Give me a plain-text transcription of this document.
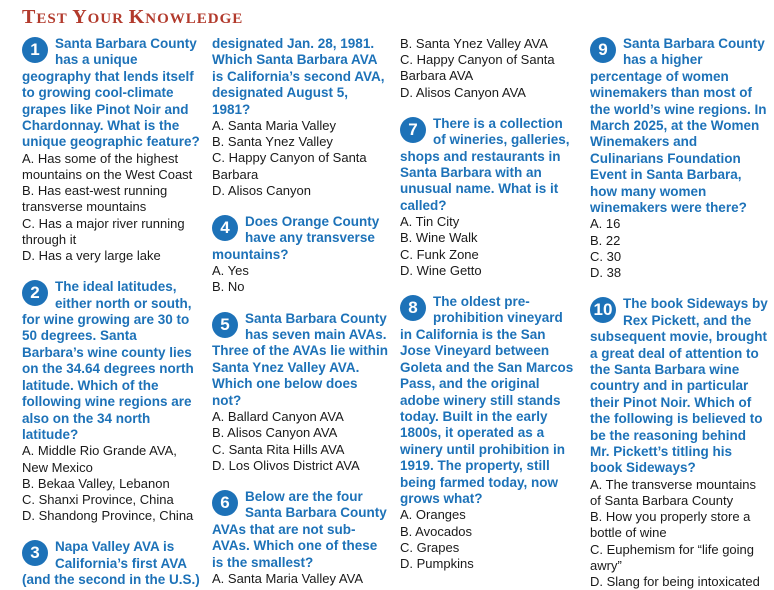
TEST YOUR KNOWLEDGE
1	Santa Barbara County has a unique geography that lends itself to growing cool-climate grapes like Pinot Noir and Chardonnay. What is the unique geographic feature?
A. Has some of the highest mountains on the West Coast
B. Has east-west running transverse mountains
C. Has a major river running through it
D. Has a very large lake
2	The ideal latitudes, either north or south, for wine growing are 30 to 50 degrees. Santa Barbara’s wine county lies on the 34.64 degrees north latitude. Which of the following wine regions are also on the 34 north latitude?
A. Middle Rio Grande AVA, New Mexico
B. Bekaa Valley, Lebanon
C. Shanxi Province, China
D. Shandong Province, China
3	Napa Valley AVA is California’s first AVA (and the second in the U.S.)
designated Jan. 28, 1981. Which Santa Barbara AVA is California’s second AVA, designated August 5, 1981?
A. Santa Maria Valley
B. Santa Ynez Valley
C. Happy Canyon of Santa Barbara
D. Alisos Canyon
4	Does Orange County have any transverse mountains?
A. Yes
B. No
5	Santa Barbara County has seven main AVAs. Three of the AVAs lie within Santa Ynez Valley AVA. Which one below does not?
A. Ballard Canyon AVA
B. Alisos Canyon AVA
C. Santa Rita Hills AVA
D. Los Olivos District AVA
6	Below are the four Santa Barbara County AVAs that are not sub-AVAs. Which one of these is the smallest?
A. Santa Maria Valley AVA
B. Santa Ynez Valley AVA
C. Happy Canyon of Santa Barbara AVA
D. Alisos Canyon AVA
7	There is a collection of wineries, galleries, shops and restaurants in Santa Barbara with an unusual name. What is it called?
A. Tin City
B. Wine Walk
C. Funk Zone
D. Wine Getto
8	The oldest pre-prohibition vineyard in California is the San Jose Vineyard between Goleta and the San Marcos Pass, and the original adobe winery still stands today. Built in the early 1800s, it operated as a winery until prohibition in 1919. The property, still being farmed today, now grows what?
A. Oranges
B. Avocados
C. Grapes
D. Pumpkins
9	Santa Barbara County has a higher percentage of women winemakers than most of the world’s wine regions. In March 2025, at the Women Winemakers and Culinarians Foundation Event in Santa Barbara, how many women winemakers were there?
A. 16
B. 22
C. 30
D. 38
10 The book Sideways by Rex Pickett, and the subsequent movie, brought a great deal of attention to the Santa Barbara wine country and in particular their Pinot Noir. Which of the following is believed to be the reasoning behind Mr. Pickett’s titling his book Sideways?
A. The transverse mountains of Santa Barbara County
B. How you properly store a bottle of wine
C. Euphemism for “life going awry”
D. Slang for being intoxicated
